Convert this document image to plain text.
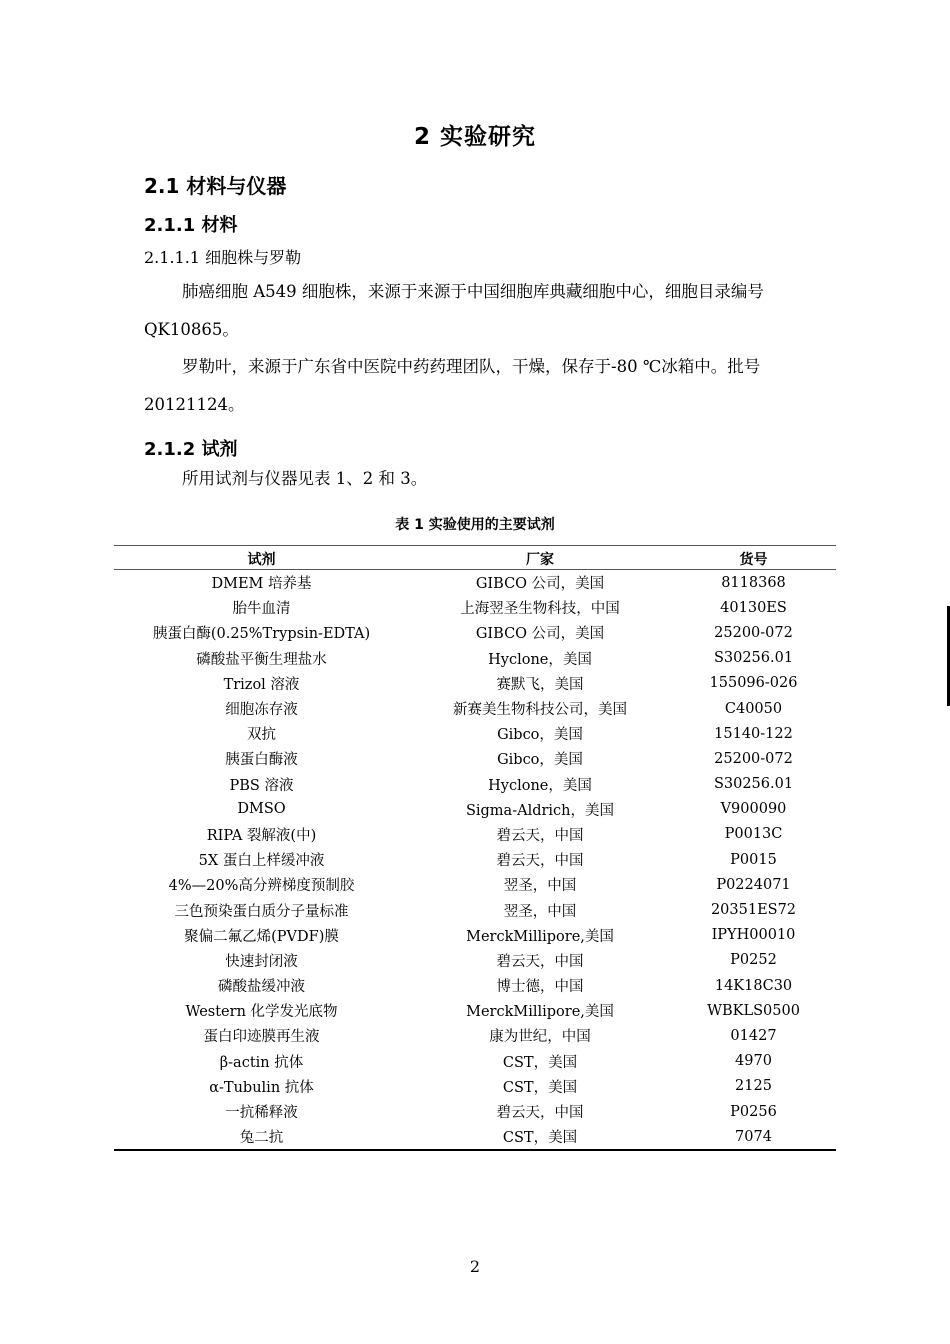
2 实验研究
2.1 材料与仪器
2.1.1 材料
2.1.1.1 细胞株与罗勒
肺癌细胞 A549 细胞株，来源于来源于中国细胞库典藏细胞中心，细胞目录编号 QK10865。
罗勒叶，来源于广东省中医院中药药理团队，干燥，保存于-80 ℃冰箱中。批号 20121124。
2.1.2 试剂
所用试剂与仪器见表 1、2 和 3。
表 1 实验使用的主要试剂
试剂	厂家	货号
DMEM 培养基	GIBCO 公司，美国	8118368
胎牛血清	上海翌圣生物科技，中国	40130ES
胰蛋白酶(0.25%Trypsin-EDTA)	GIBCO 公司，美国	25200-072
磷酸盐平衡生理盐水	Hyclone，美国	S30256.01
Trizol 溶液	赛默飞，美国	155096-026
细胞冻存液	新赛美生物科技公司，美国	C40050
双抗	Gibco，美国	15140-122
胰蛋白酶液	Gibco，美国	25200-072
PBS 溶液	Hyclone，美国	S30256.01
DMSO	Sigma-Aldrich，美国	V900090
RIPA 裂解液(中)	碧云天，中国	P0013C
5X 蛋白上样缓冲液	碧云天，中国	P0015
4%—20%高分辨梯度预制胶	翌圣，中国	P0224071
三色预染蛋白质分子量标准	翌圣，中国	20351ES72
聚偏二氟乙烯(PVDF)膜	MerckMillipore,美国	IPYH00010
快速封闭液	碧云天，中国	P0252
磷酸盐缓冲液	博士德，中国	14K18C30
Western 化学发光底物	MerckMillipore,美国	WBKLS0500
蛋白印迹膜再生液	康为世纪，中国	01427
β-actin 抗体	CST，美国	4970
α-Tubulin 抗体	CST，美国	2125
一抗稀释液	碧云天，中国	P0256
兔二抗	CST，美国	7074
2
